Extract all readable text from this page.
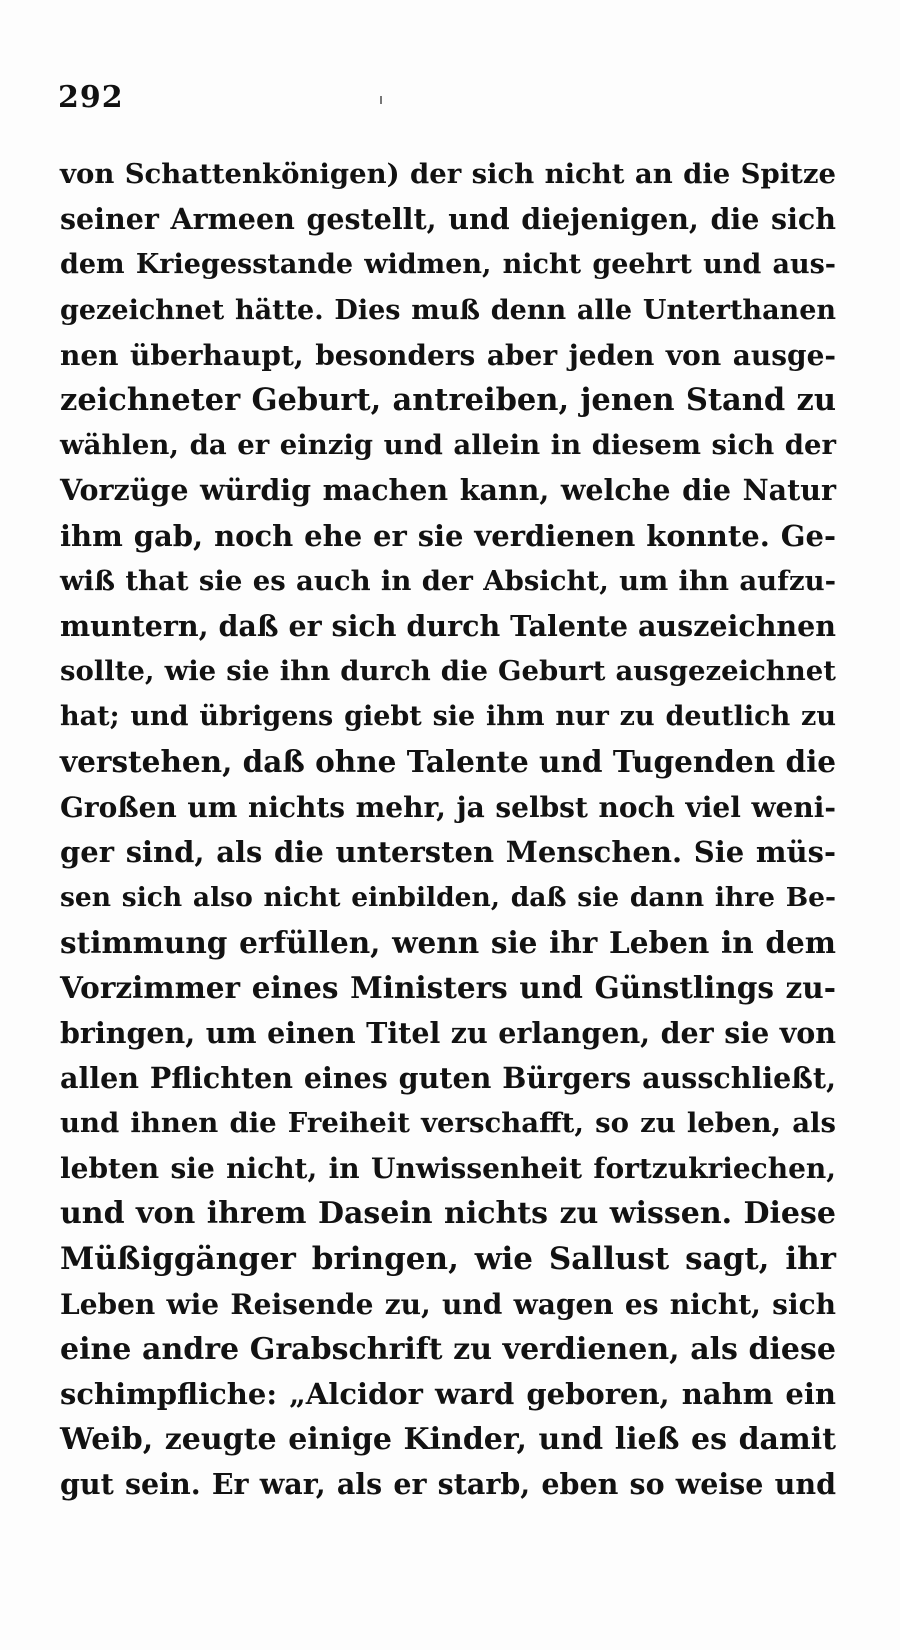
292
von Schattenkönigen) der sich nicht an die Spitze
seiner Armeen gestellt, und diejenigen, die sich
dem Kriegesstande widmen, nicht geehrt und aus-
gezeichnet hätte. Dies muß denn alle Unterthanen
nen überhaupt, besonders aber jeden von ausge-
zeichneter Geburt, antreiben, jenen Stand zu
wählen, da er einzig und allein in diesem sich der
Vorzüge würdig machen kann, welche die Natur
ihm gab, noch ehe er sie verdienen konnte. Ge-
wiß that sie es auch in der Absicht, um ihn aufzu-
muntern, daß er sich durch Talente auszeichnen
sollte, wie sie ihn durch die Geburt ausgezeichnet
hat; und übrigens giebt sie ihm nur zu deutlich zu
verstehen, daß ohne Talente und Tugenden die
Großen um nichts mehr, ja selbst noch viel weni-
ger sind, als die untersten Menschen. Sie müs-
sen sich also nicht einbilden, daß sie dann ihre Be-
stimmung erfüllen, wenn sie ihr Leben in dem
Vorzimmer eines Ministers und Günstlings zu-
bringen, um einen Titel zu erlangen, der sie von
allen Pflichten eines guten Bürgers ausschließt,
und ihnen die Freiheit verschafft, so zu leben, als
lebten sie nicht, in Unwissenheit fortzukriechen,
und von ihrem Dasein nichts zu wissen. Diese
Müßiggänger bringen, wie Sallust sagt, ihr
Leben wie Reisende zu, und wagen es nicht, sich
eine andre Grabschrift zu verdienen, als diese
schimpfliche: „Alcidor ward geboren, nahm ein
Weib, zeugte einige Kinder, und ließ es damit
gut sein. Er war, als er starb, eben so weise und
